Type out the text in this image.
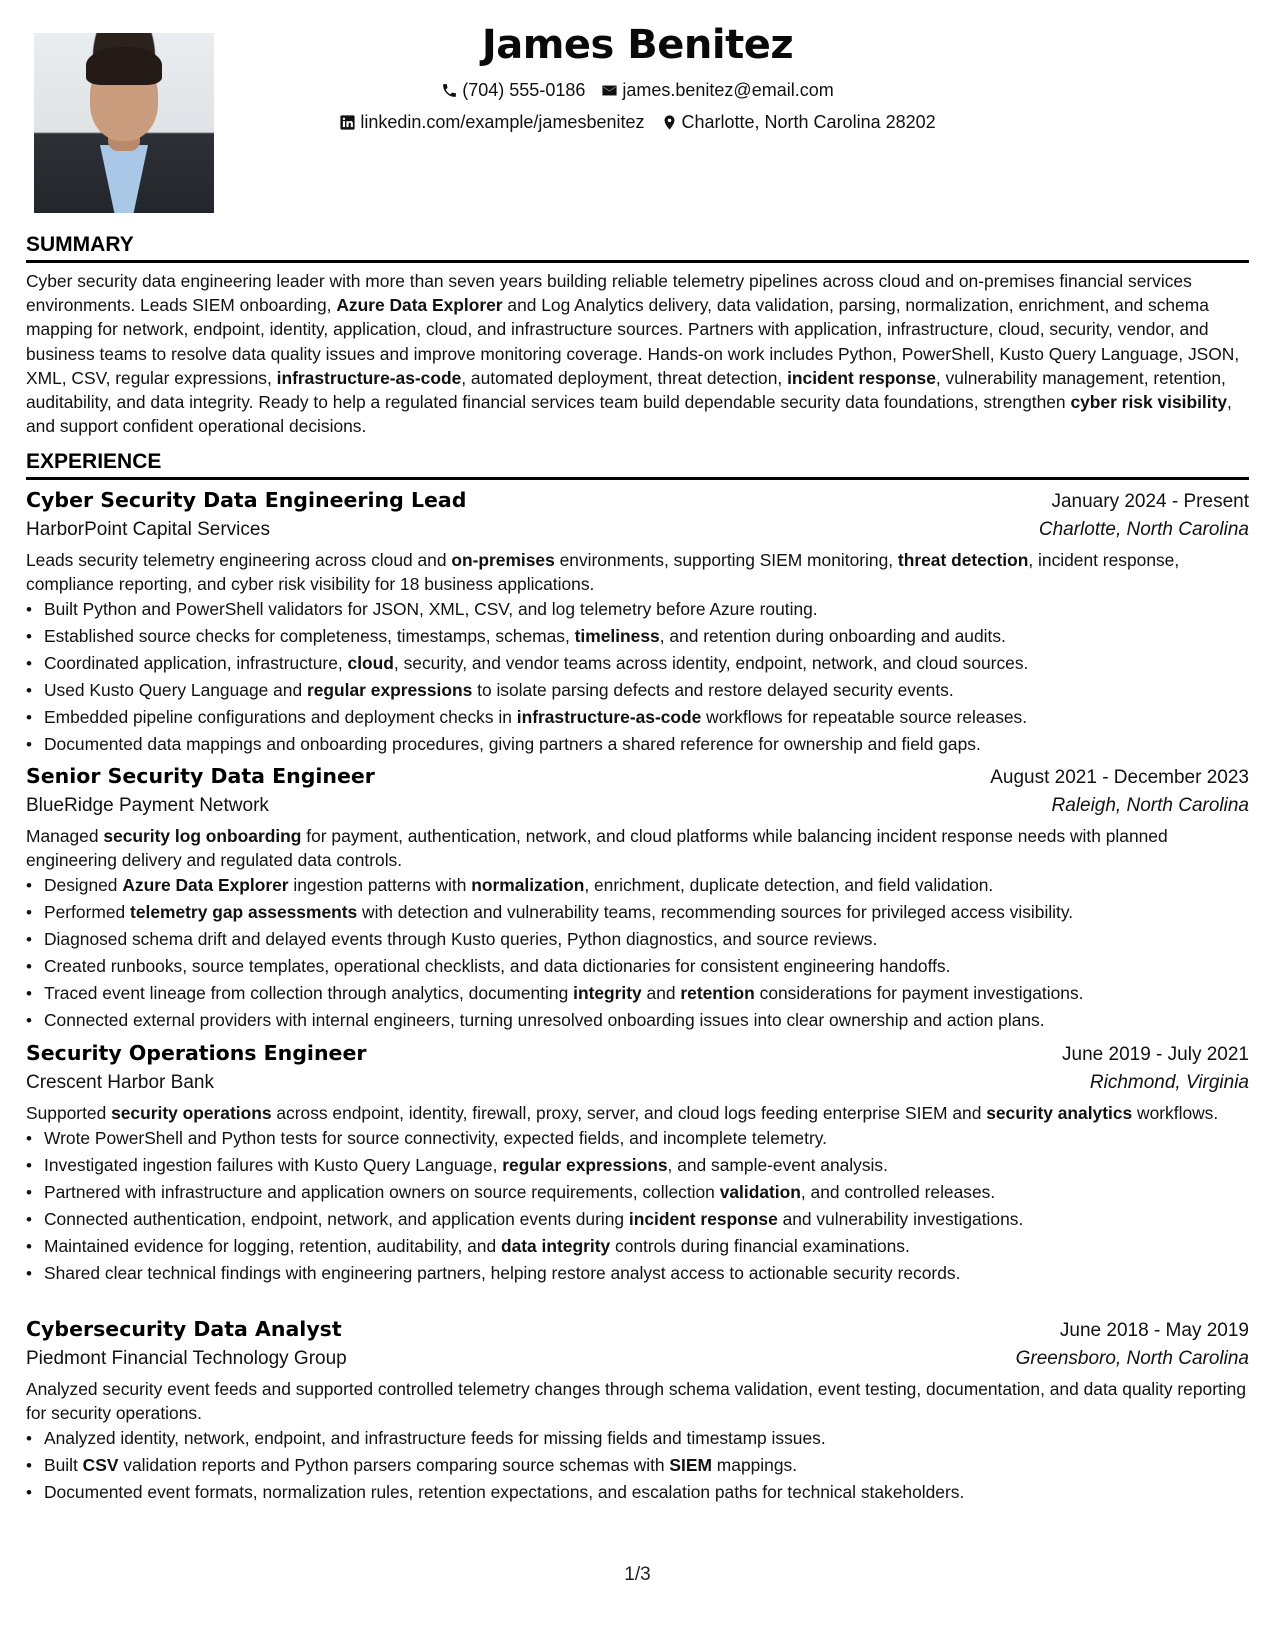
James Benitez
(704) 555-0186 james.benitez@email.com
linkedin.com/example/jamesbenitez Charlotte, North Carolina 28202
SUMMARY
Cyber security data engineering leader with more than seven years building reliable telemetry pipelines across cloud and on-premises financial services environments. Leads SIEM onboarding, Azure Data Explorer and Log Analytics delivery, data validation, parsing, normalization, enrichment, and schema mapping for network, endpoint, identity, application, cloud, and infrastructure sources. Partners with application, infrastructure, cloud, security, vendor, and business teams to resolve data quality issues and improve monitoring coverage. Hands-on work includes Python, PowerShell, Kusto Query Language, JSON, XML, CSV, regular expressions, infrastructure-as-code, automated deployment, threat detection, incident response, vulnerability management, retention, auditability, and data integrity. Ready to help a regulated financial services team build dependable security data foundations, strengthen cyber risk visibility, and support confident operational decisions.
EXPERIENCE
Cyber Security Data Engineering Lead	January 2024 - Present
HarborPoint Capital Services	Charlotte, North Carolina
Leads security telemetry engineering across cloud and on-premises environments, supporting SIEM monitoring, threat detection, incident response, compliance reporting, and cyber risk visibility for 18 business applications.
• Built Python and PowerShell validators for JSON, XML, CSV, and log telemetry before Azure routing.
• Established source checks for completeness, timestamps, schemas, timeliness, and retention during onboarding and audits.
• Coordinated application, infrastructure, cloud, security, and vendor teams across identity, endpoint, network, and cloud sources.
• Used Kusto Query Language and regular expressions to isolate parsing defects and restore delayed security events.
• Embedded pipeline configurations and deployment checks in infrastructure-as-code workflows for repeatable source releases.
• Documented data mappings and onboarding procedures, giving partners a shared reference for ownership and field gaps.
Senior Security Data Engineer	August 2021 - December 2023
BlueRidge Payment Network	Raleigh, North Carolina
Managed security log onboarding for payment, authentication, network, and cloud platforms while balancing incident response needs with planned engineering delivery and regulated data controls.
• Designed Azure Data Explorer ingestion patterns with normalization, enrichment, duplicate detection, and field validation.
• Performed telemetry gap assessments with detection and vulnerability teams, recommending sources for privileged access visibility.
• Diagnosed schema drift and delayed events through Kusto queries, Python diagnostics, and source reviews.
• Created runbooks, source templates, operational checklists, and data dictionaries for consistent engineering handoffs.
• Traced event lineage from collection through analytics, documenting integrity and retention considerations for payment investigations.
• Connected external providers with internal engineers, turning unresolved onboarding issues into clear ownership and action plans.
Security Operations Engineer	June 2019 - July 2021
Crescent Harbor Bank	Richmond, Virginia
Supported security operations across endpoint, identity, firewall, proxy, server, and cloud logs feeding enterprise SIEM and security analytics workflows.
• Wrote PowerShell and Python tests for source connectivity, expected fields, and incomplete telemetry.
• Investigated ingestion failures with Kusto Query Language, regular expressions, and sample-event analysis.
• Partnered with infrastructure and application owners on source requirements, collection validation, and controlled releases.
• Connected authentication, endpoint, network, and application events during incident response and vulnerability investigations.
• Maintained evidence for logging, retention, auditability, and data integrity controls during financial examinations.
• Shared clear technical findings with engineering partners, helping restore analyst access to actionable security records.
Cybersecurity Data Analyst	June 2018 - May 2019
Piedmont Financial Technology Group	Greensboro, North Carolina
Analyzed security event feeds and supported controlled telemetry changes through schema validation, event testing, documentation, and data quality reporting for security operations.
• Analyzed identity, network, endpoint, and infrastructure feeds for missing fields and timestamp issues.
• Built CSV validation reports and Python parsers comparing source schemas with SIEM mappings.
• Documented event formats, normalization rules, retention expectations, and escalation paths for technical stakeholders.
1/3
